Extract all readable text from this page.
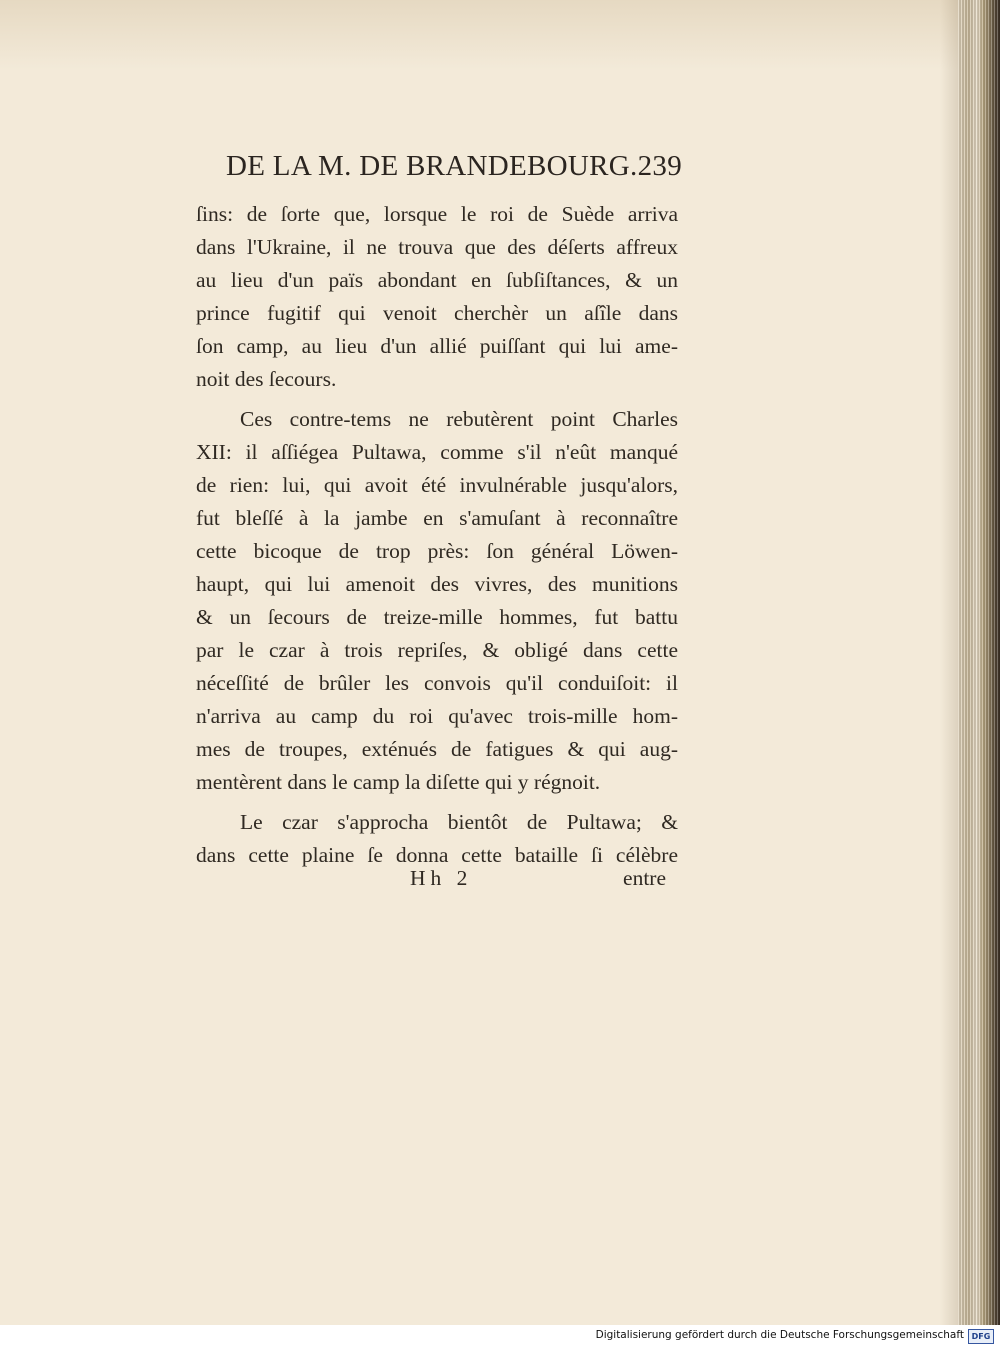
DE LA M. DE BRANDEBOURG. 239
ſins: de ſorte que, lorsque le roi de Suède arriva
dans l'Ukraine, il ne trouva que des déſerts affreux
au lieu d'un païs abondant en ſubſiſtances, & un
prince fugitif qui venoit cherchèr un aſîle dans
ſon camp, au lieu d'un allié puiſſant qui lui ame-
noit des ſecours.
Ces contre-tems ne rebutèrent point Charles
XII: il aſſiégea Pultawa, comme s'il n'eût manqué
de rien: lui, qui avoit été invulnérable jusqu'alors,
fut bleſſé à la jambe en s'amuſant à reconnaître
cette bicoque de trop près: ſon général Löwen-
haupt, qui lui amenoit des vivres, des munitions
& un ſecours de treize-mille hommes, fut battu
par le czar à trois repriſes, & obligé dans cette
néceſſité de brûler les convois qu'il conduiſoit: il
n'arriva au camp du roi qu'avec trois-mille hom-
mes de troupes, exténués de fatigues & qui aug-
mentèrent dans le camp la diſette qui y régnoit.
Le czar s'approcha bientôt de Pultawa; &
dans cette plaine ſe donna cette bataille ſi célèbre
Hh 2	entre
Digitalisierung gefördert durch die Deutsche Forschungsgemeinschaft DFG
